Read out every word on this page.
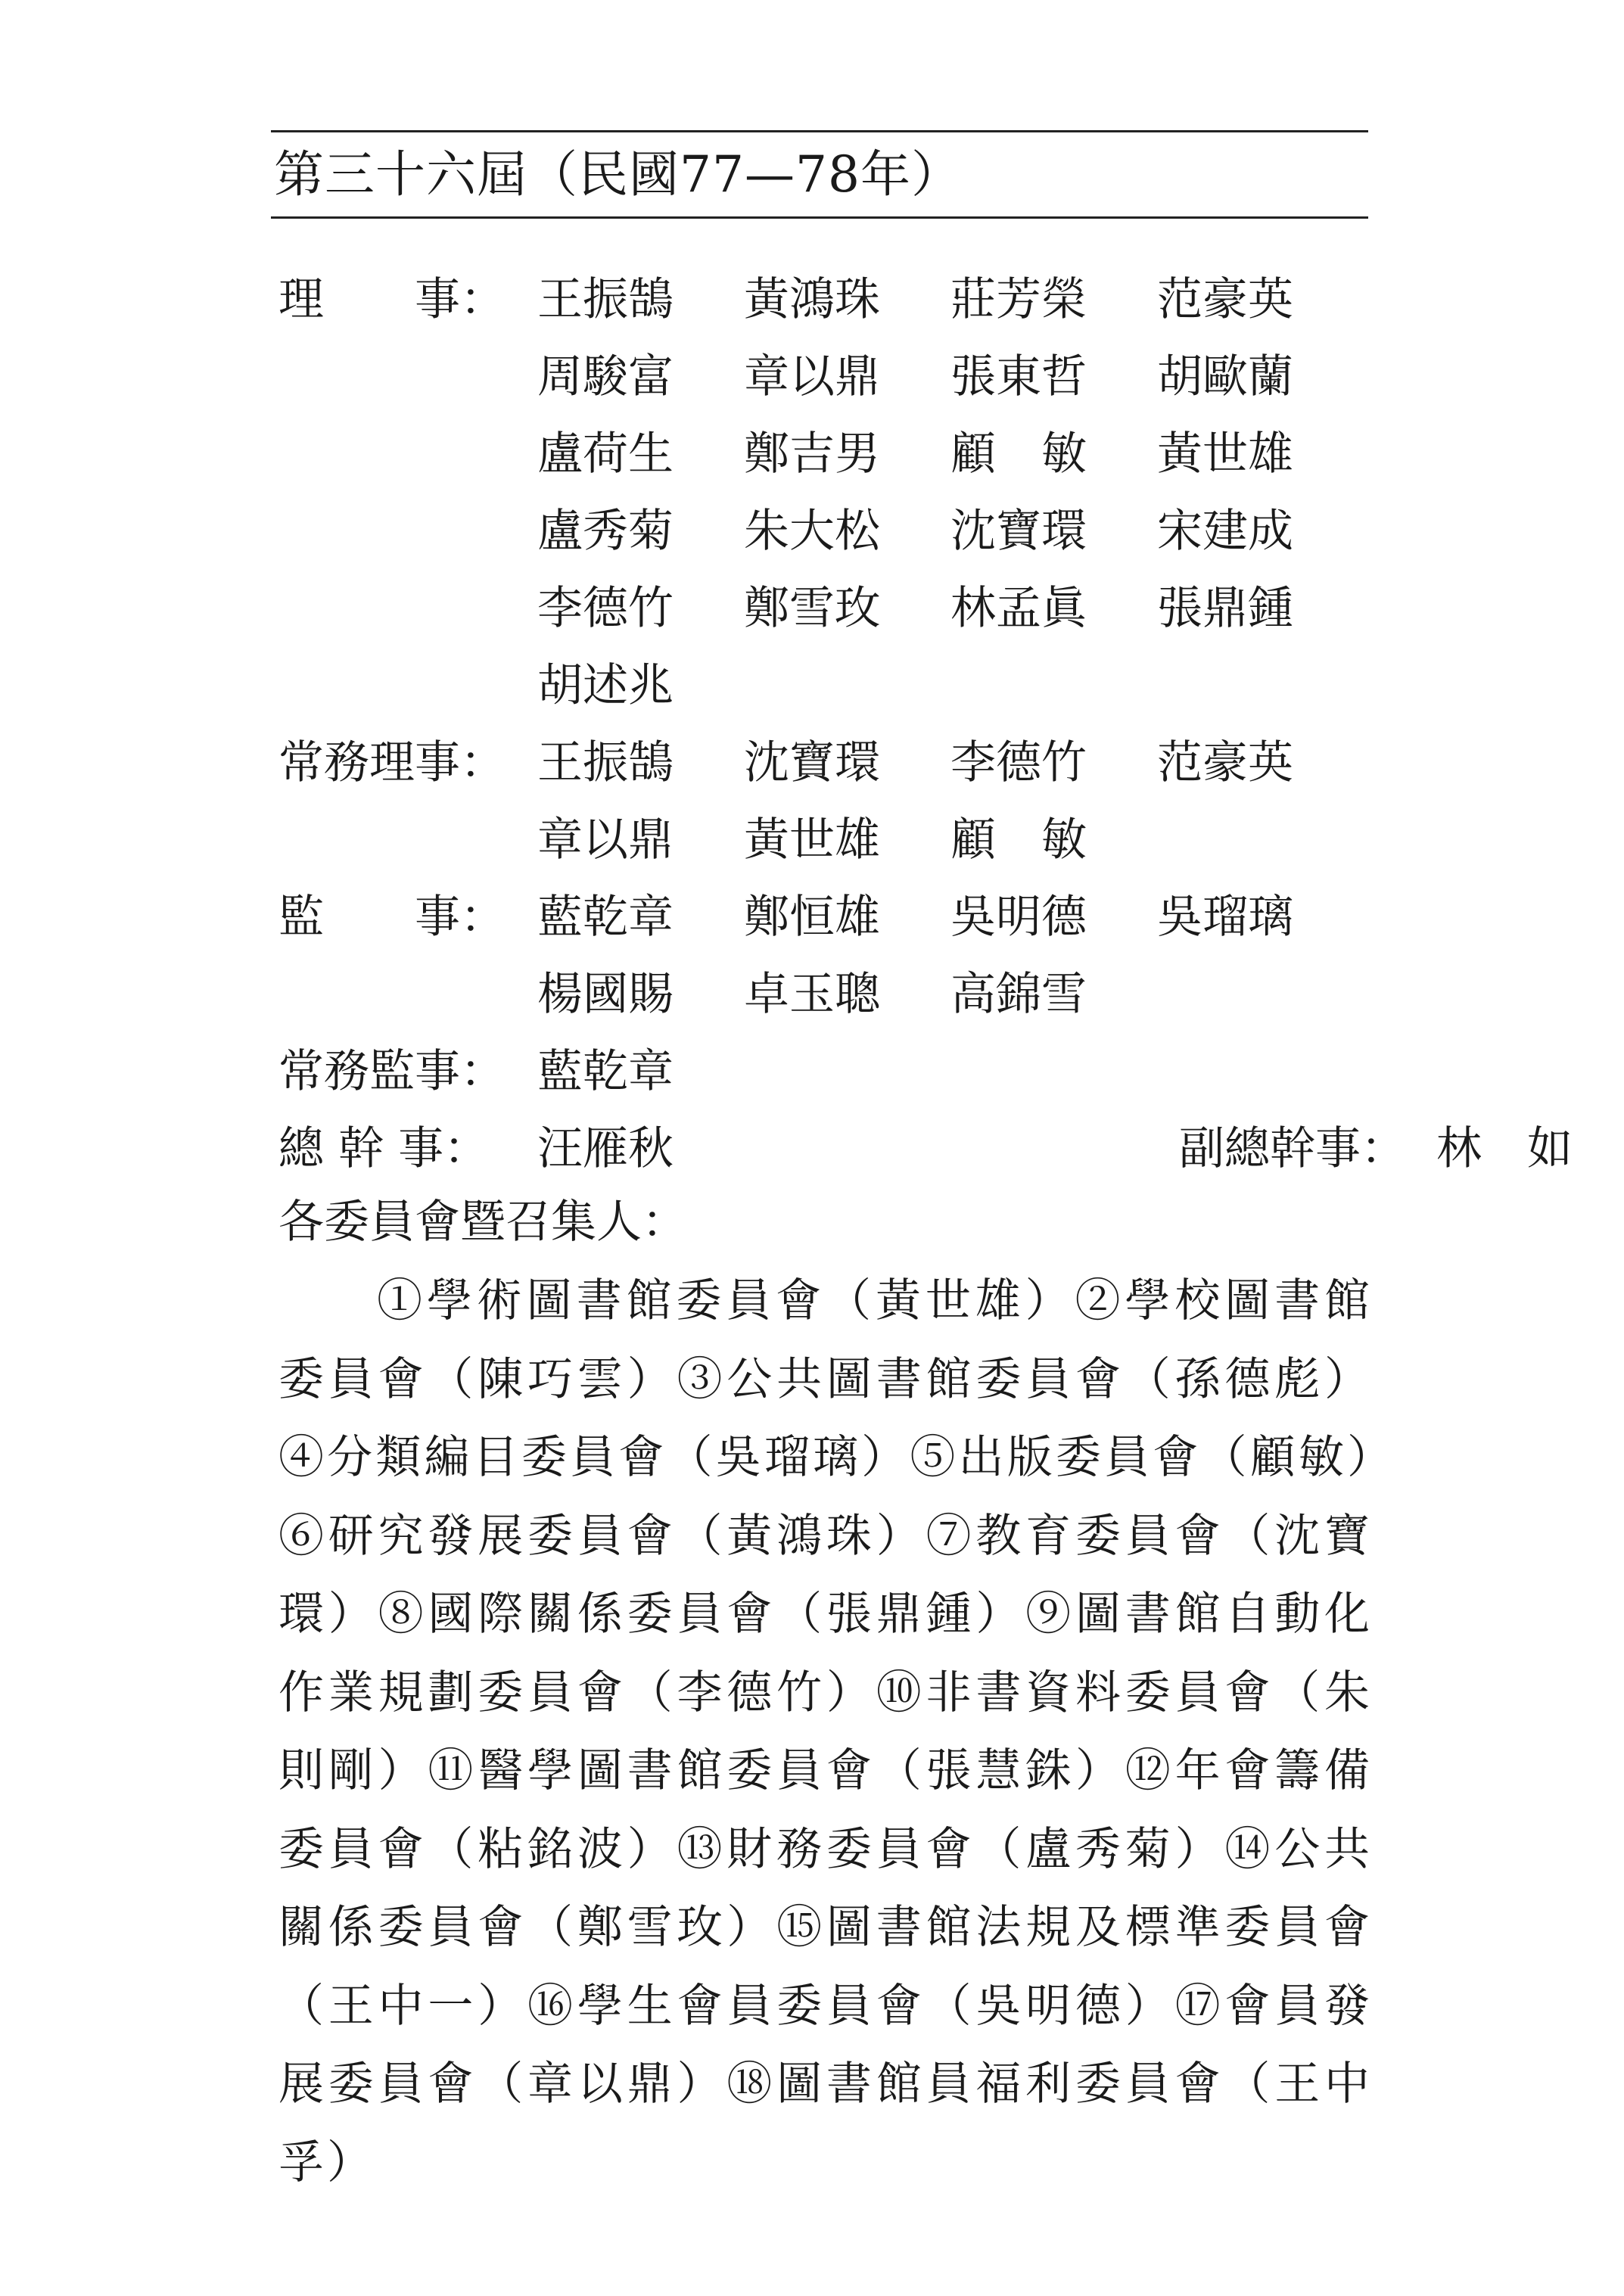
第三十六屆（民國77—78年）
理　　事： 王振鵠	黃鴻珠	莊芳榮	范豪英
周駿富	章以鼎	張東哲	胡歐蘭
盧荷生	鄭吉男	顧　敏	黃世雄
盧秀菊	朱大松	沈寶環	宋建成
李德竹	鄭雪玫	林孟眞	張鼎鍾
胡述兆
常務理事： 王振鵠	沈寶環	李德竹	范豪英
章以鼎	黃世雄	顧　敏
監　　事： 藍乾章	鄭恒雄	吳明德	吳瑠璃
楊國賜	卓玉聰	高錦雪
常務監事： 藍乾章
總 幹 事： 汪雁秋	副總幹事： 林　如
各委員會暨召集人：
①學術圖書館委員會（黃世雄）②學校圖書館委員會（陳巧雲）③公共圖書館委員會（孫德彪）④分類編目委員會（吳瑠璃）⑤出版委員會（顧敏）⑥研究發展委員會（黃鴻珠）⑦教育委員會（沈寶環）⑧國際關係委員會（張鼎鍾）⑨圖書館自動化作業規劃委員會（李德竹）⑩非書資料委員會（朱則剛）⑪醫學圖書館委員會（張慧銖）⑫年會籌備委員會（粘銘波）⑬財務委員會（盧秀菊）⑭公共關係委員會（鄭雪玫）⑮圖書館法規及標準委員會（王中一）⑯學生會員委員會（吳明德）⑰會員發展委員會（章以鼎）⑱圖書館員福利委員會（王中孚）
